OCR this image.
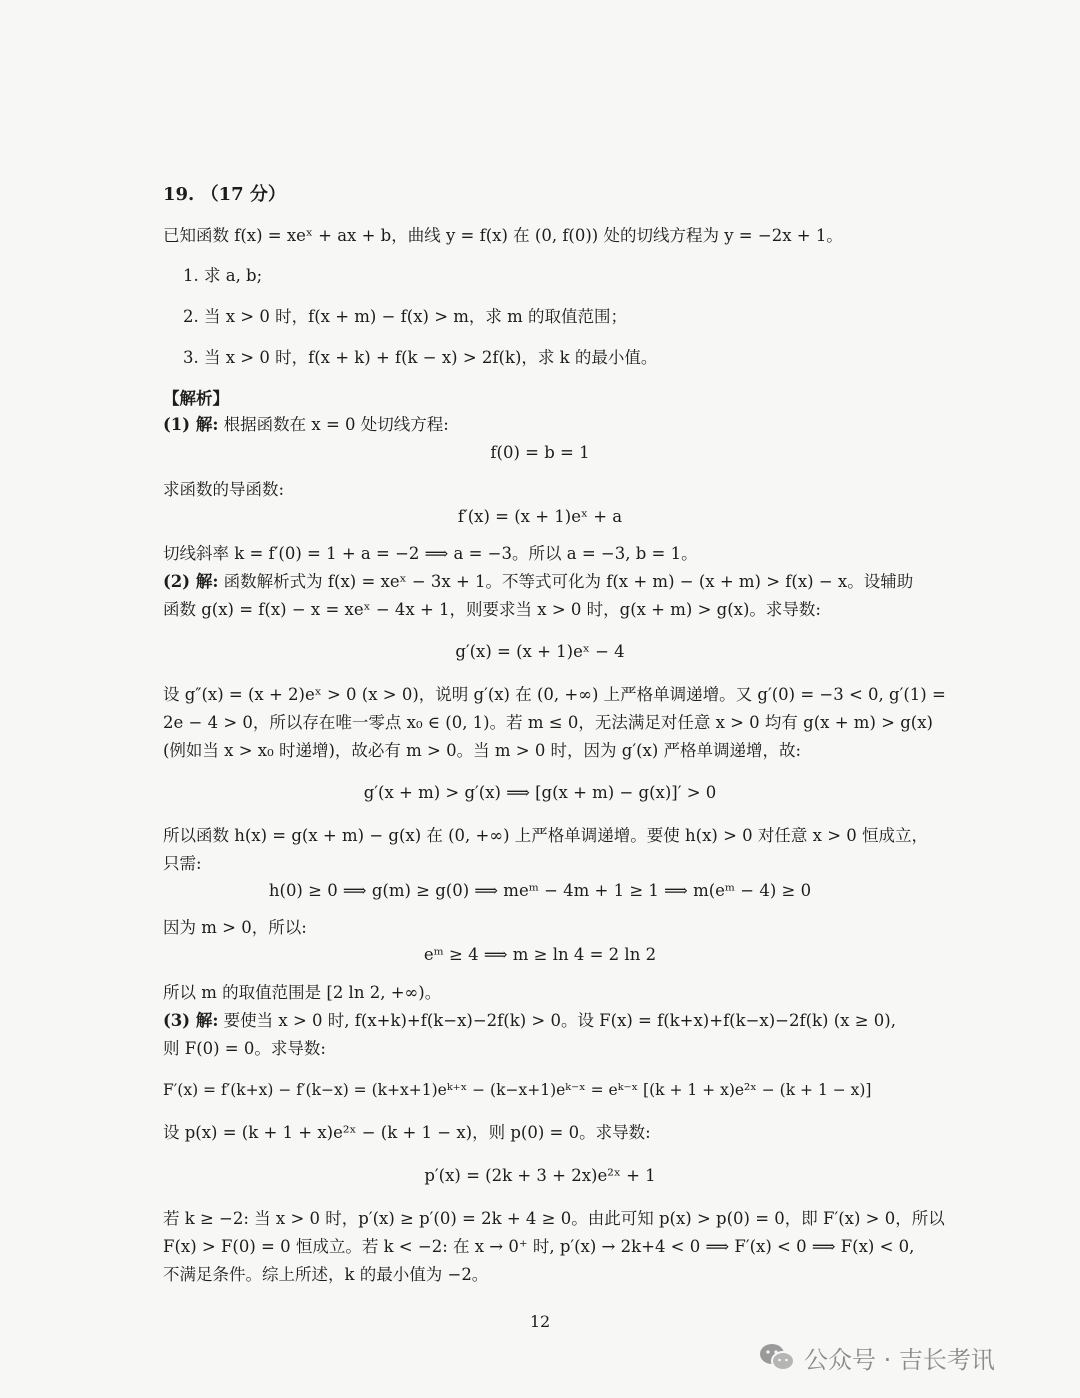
19. （17 分）
已知函数 f(x) = xeˣ + ax + b，曲线 y = f(x) 在 (0, f(0)) 处的切线方程为 y = −2x + 1。
1. 求 a, b;
2. 当 x > 0 时，f(x + m) − f(x) > m，求 m 的取值范围；
3. 当 x > 0 时，f(x + k) + f(k − x) > 2f(k)，求 k 的最小值。
【解析】
(1) 解: 根据函数在 x = 0 处切线方程:
f(0) = b = 1
求函数的导函数:
f′(x) = (x + 1)eˣ + a
切线斜率 k = f′(0) = 1 + a = −2 ⟹ a = −3。所以 a = −3, b = 1。
(2) 解: 函数解析式为 f(x) = xeˣ − 3x + 1。不等式可化为 f(x + m) − (x + m) > f(x) − x。设辅助
函数 g(x) = f(x) − x = xeˣ − 4x + 1，则要求当 x > 0 时，g(x + m) > g(x)。求导数:
g′(x) = (x + 1)eˣ − 4
设 g″(x) = (x + 2)eˣ > 0 (x > 0)，说明 g′(x) 在 (0, +∞) 上严格单调递增。又 g′(0) = −3 < 0, g′(1) =
2e − 4 > 0，所以存在唯一零点 x₀ ∈ (0, 1)。若 m ≤ 0，无法满足对任意 x > 0 均有 g(x + m) > g(x)
(例如当 x > x₀ 时递增)，故必有 m > 0。当 m > 0 时，因为 g′(x) 严格单调递增，故:
g′(x + m) > g′(x) ⟹ [g(x + m) − g(x)]′ > 0
所以函数 h(x) = g(x + m) − g(x) 在 (0, +∞) 上严格单调递增。要使 h(x) > 0 对任意 x > 0 恒成立，
只需:
h(0) ≥ 0 ⟹ g(m) ≥ g(0) ⟹ meᵐ − 4m + 1 ≥ 1 ⟹ m(eᵐ − 4) ≥ 0
因为 m > 0，所以:
eᵐ ≥ 4 ⟹ m ≥ ln 4 = 2 ln 2
所以 m 的取值范围是 [2 ln 2, +∞)。
(3) 解: 要使当 x > 0 时, f(x+k)+f(k−x)−2f(k) > 0。设 F(x) = f(k+x)+f(k−x)−2f(k) (x ≥ 0),
则 F(0) = 0。求导数:
F′(x) = f′(k+x) − f′(k−x) = (k+x+1)eᵏ⁺ˣ − (k−x+1)eᵏ⁻ˣ = eᵏ⁻ˣ [(k + 1 + x)e²ˣ − (k + 1 − x)]
设 p(x) = (k + 1 + x)e²ˣ − (k + 1 − x)，则 p(0) = 0。求导数:
p′(x) = (2k + 3 + 2x)e²ˣ + 1
若 k ≥ −2: 当 x > 0 时，p′(x) ≥ p′(0) = 2k + 4 ≥ 0。由此可知 p(x) > p(0) = 0，即 F′(x) > 0，所以
F(x) > F(0) = 0 恒成立。若 k < −2: 在 x → 0⁺ 时, p′(x) → 2k+4 < 0 ⟹ F′(x) < 0 ⟹ F(x) < 0,
不满足条件。综上所述，k 的最小值为 −2。
12
公众号 · 吉长考讯
